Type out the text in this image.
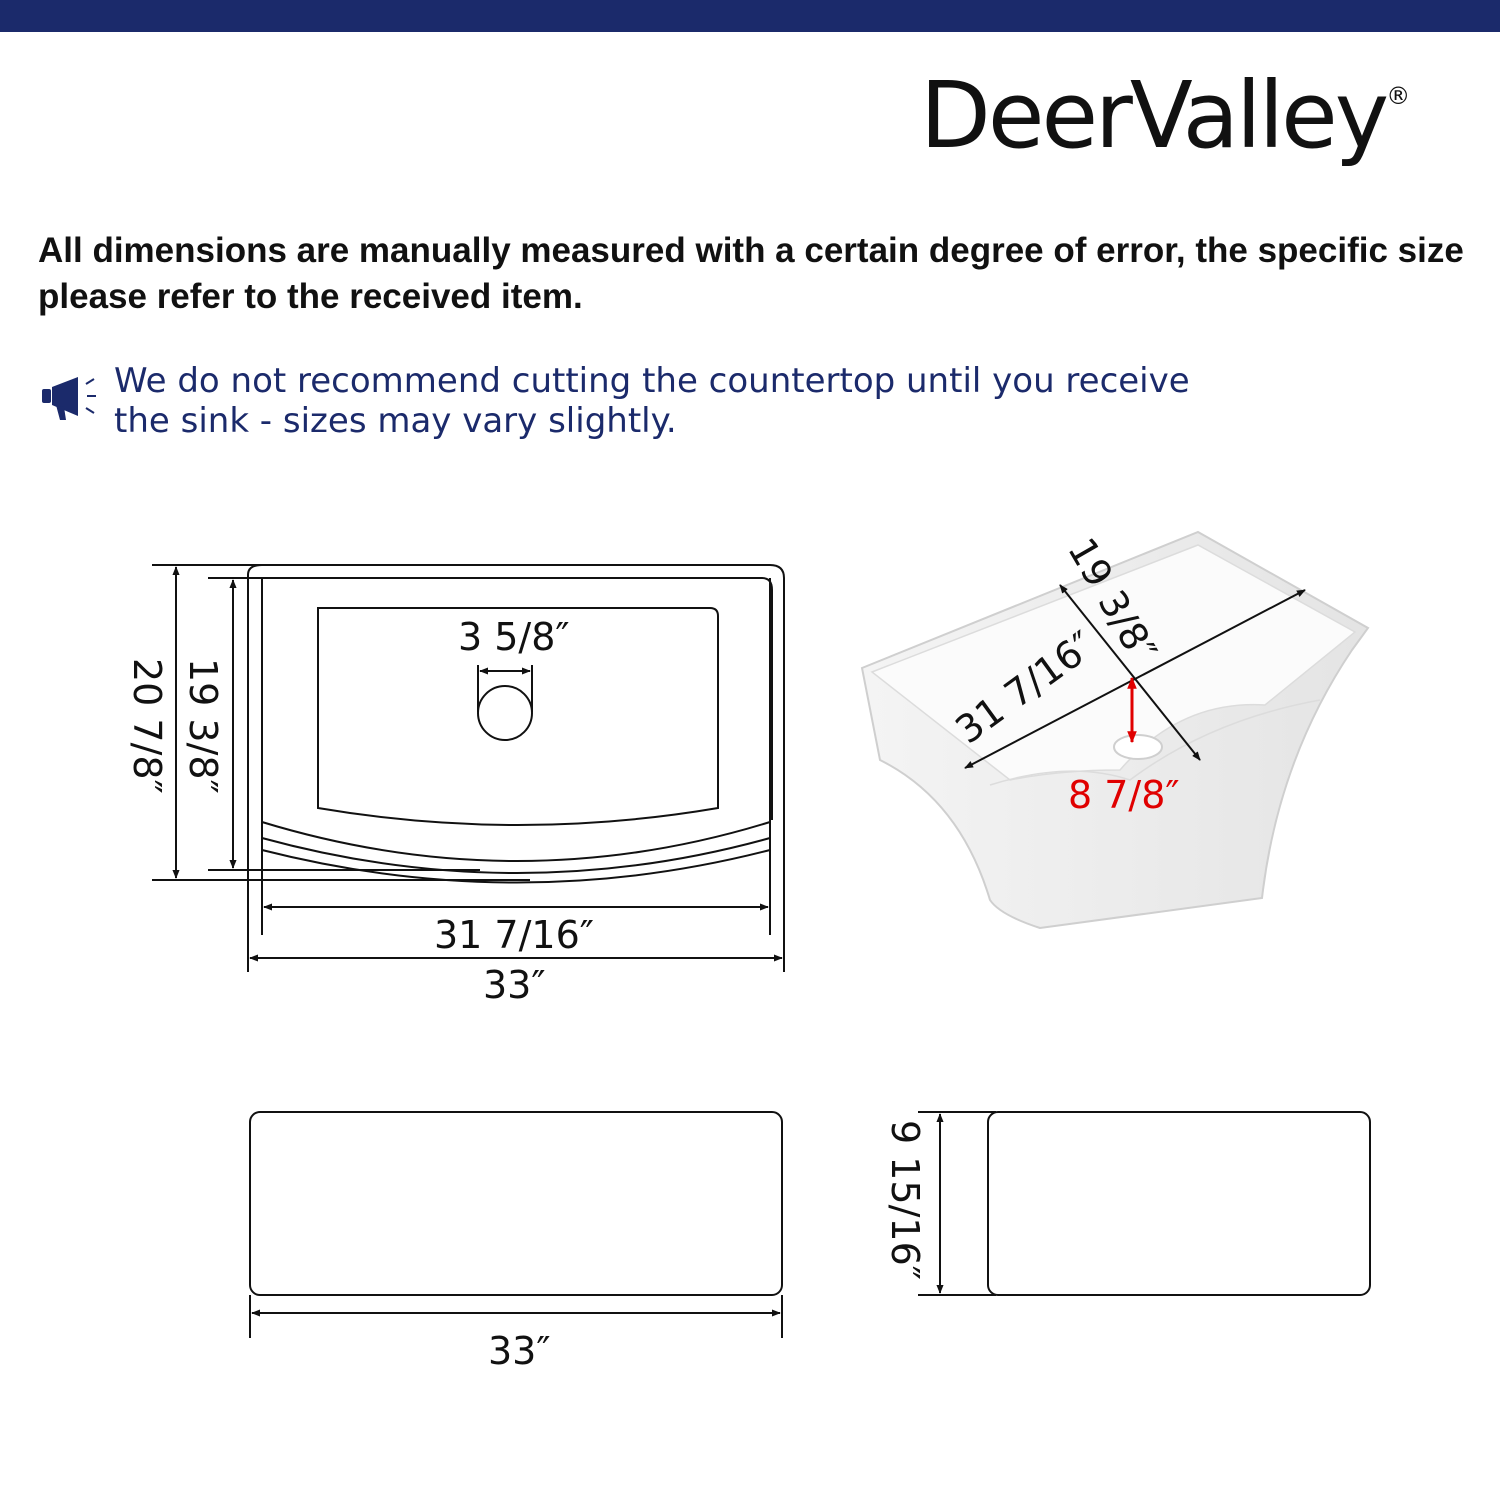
DeerValley®
All dimensions are manually measured with a certain degree of error, the specific size please refer to the received item.
We do not recommend cutting the countertop until you receive
the sink - sizes may vary slightly.
3 5/8″
19 3/8″
20 7/8″
31 7/16″
33″
19 3/8″
31 7/16″
8 7/8″
33″
9 15/16″
